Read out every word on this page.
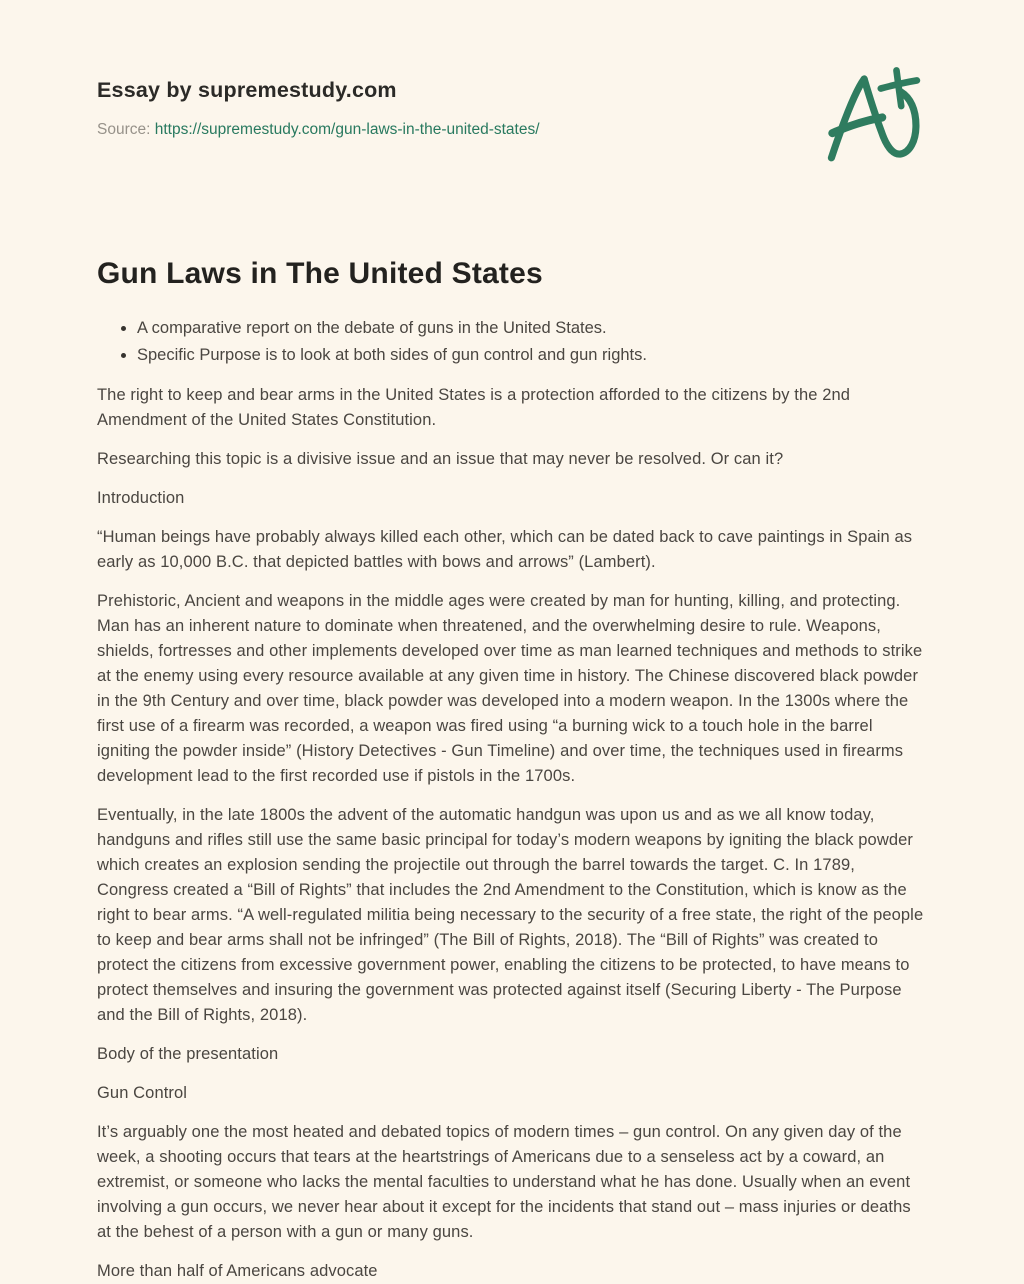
Essay by supremestudy.com
Source: https://supremestudy.com/gun-laws-in-the-united-states/
Gun Laws in The United States
A comparative report on the debate of guns in the United States.
Specific Purpose is to look at both sides of gun control and gun rights.

The right to keep and bear arms in the United States is a protection afforded to the citizens by the 2nd Amendment of the United States Constitution.

Researching this topic is a divisive issue and an issue that may never be resolved. Or can it?

Introduction

“Human beings have probably always killed each other, which can be dated back to cave paintings in Spain as early as 10,000 B.C. that depicted battles with bows and arrows” (Lambert).

Prehistoric, Ancient and weapons in the middle ages were created by man for hunting, killing, and protecting. Man has an inherent nature to dominate when threatened, and the overwhelming desire to rule. Weapons, shields, fortresses and other implements developed over time as man learned techniques and methods to strike at the enemy using every resource available at any given time in history. The Chinese discovered black powder in the 9th Century and over time, black powder was developed into a modern weapon. In the 1300s where the first use of a firearm was recorded, a weapon was fired using “a burning wick to a touch hole in the barrel igniting the powder inside” (History Detectives - Gun Timeline) and over time, the techniques used in firearms development lead to the first recorded use if pistols in the 1700s.

Eventually, in the late 1800s the advent of the automatic handgun was upon us and as we all know today, handguns and rifles still use the same basic principal for today’s modern weapons by igniting the black powder which creates an explosion sending the projectile out through the barrel towards the target. C. In 1789, Congress created a “Bill of Rights” that includes the 2nd Amendment to the Constitution, which is know as the right to bear arms. “A well-regulated militia being necessary to the security of a free state, the right of the people to keep and bear arms shall not be infringed” (The Bill of Rights, 2018). The “Bill of Rights” was created to protect the citizens from excessive government power, enabling the citizens to be protected, to have means to protect themselves and insuring the government was protected against itself (Securing Liberty - The Purpose and the Bill of Rights, 2018).

Body of the presentation

Gun Control

It’s arguably one the most heated and debated topics of modern times – gun control. On any given day of the week, a shooting occurs that tears at the heartstrings of Americans due to a senseless act by a coward, an extremist, or someone who lacks the mental faculties to understand what he has done. Usually when an event involving a gun occurs, we never hear about it except for the incidents that stand out – mass injuries or deaths at the behest of a person with a gun or many guns.

More than half of Americans advocate
